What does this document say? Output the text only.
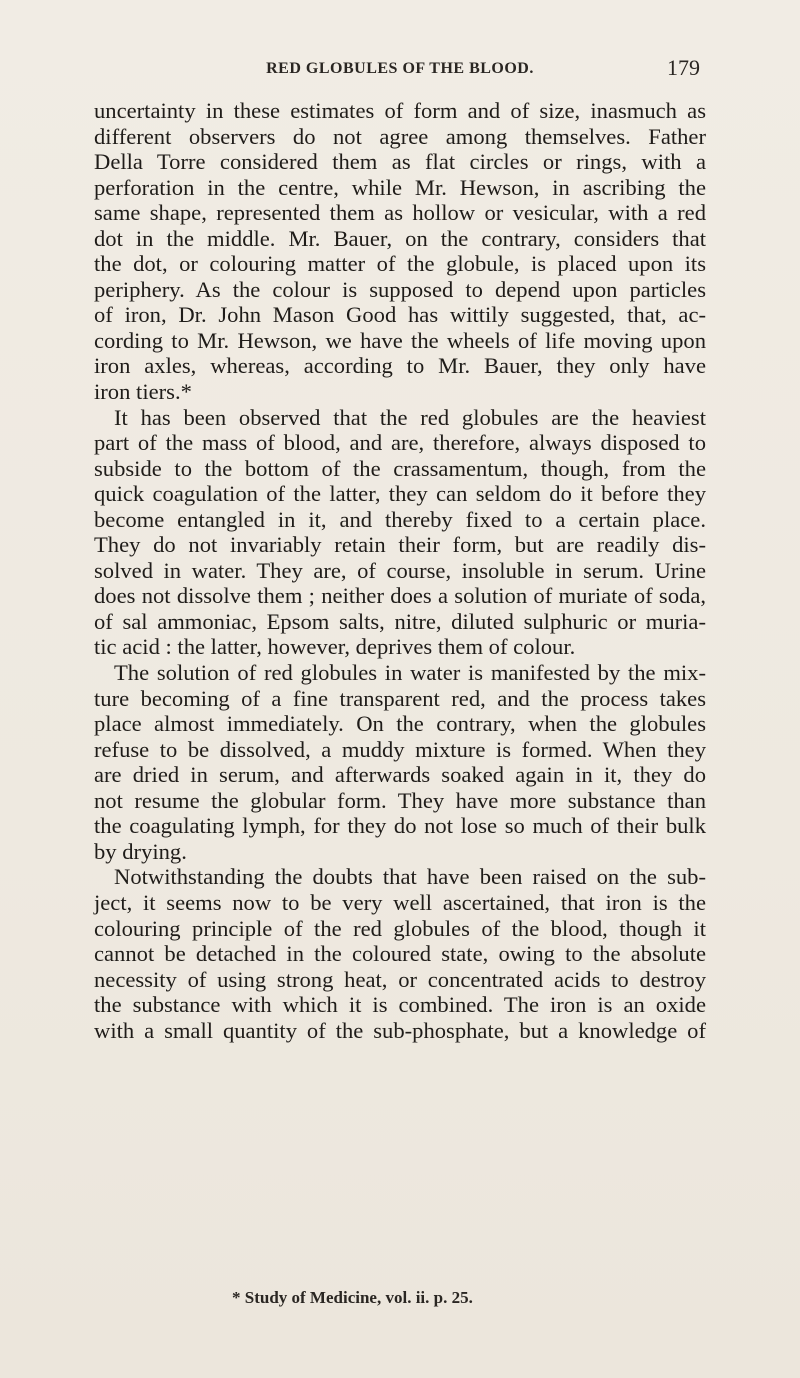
RED GLOBULES OF THE BLOOD.	179
uncertainty in these estimates of form and of size, inasmuch as
different observers do not agree among themselves. Father
Della Torre considered them as flat circles or rings, with a
perforation in the centre, while Mr. Hewson, in ascribing the
same shape, represented them as hollow or vesicular, with a red
dot in the middle. Mr. Bauer, on the contrary, considers that
the dot, or colouring matter of the globule, is placed upon its
periphery. As the colour is supposed to depend upon particles
of iron, Dr. John Mason Good has wittily suggested, that, ac-
cording to Mr. Hewson, we have the wheels of life moving upon
iron axles, whereas, according to Mr. Bauer, they only have
iron tiers.*
It has been observed that the red globules are the heaviest
part of the mass of blood, and are, therefore, always disposed to
subside to the bottom of the crassamentum, though, from the
quick coagulation of the latter, they can seldom do it before they
become entangled in it, and thereby fixed to a certain place.
They do not invariably retain their form, but are readily dis-
solved in water. They are, of course, insoluble in serum. Urine
does not dissolve them ; neither does a solution of muriate of soda,
of sal ammoniac, Epsom salts, nitre, diluted sulphuric or muria-
tic acid : the latter, however, deprives them of colour.
The solution of red globules in water is manifested by the mix-
ture becoming of a fine transparent red, and the process takes
place almost immediately. On the contrary, when the globules
refuse to be dissolved, a muddy mixture is formed. When they
are dried in serum, and afterwards soaked again in it, they do
not resume the globular form. They have more substance than
the coagulating lymph, for they do not lose so much of their bulk
by drying.
Notwithstanding the doubts that have been raised on the sub-
ject, it seems now to be very well ascertained, that iron is the
colouring principle of the red globules of the blood, though it
cannot be detached in the coloured state, owing to the absolute
necessity of using strong heat, or concentrated acids to destroy
the substance with which it is combined. The iron is an oxide
with a small quantity of the sub-phosphate, but a knowledge of
* Study of Medicine, vol. ii. p. 25.
